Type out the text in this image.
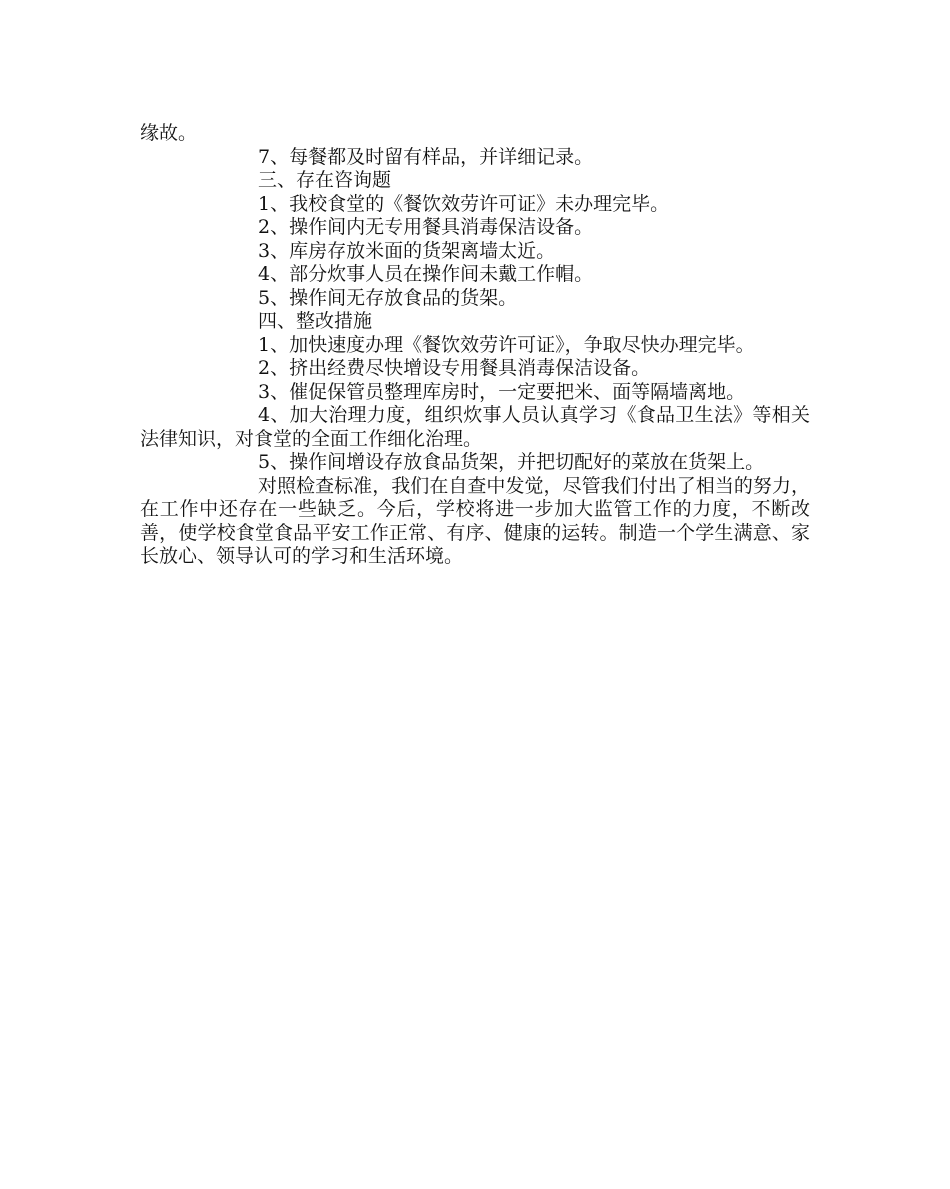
缘故。

7、每餐都及时留有样品，并详细记录。

三、存在咨询题

1、我校食堂的《餐饮效劳许可证》未办理完毕。

2、操作间内无专用餐具消毒保洁设备。

3、库房存放米面的货架离墙太近。

4、部分炊事人员在操作间未戴工作帽。

5、操作间无存放食品的货架。

四、整改措施

1、加快速度办理《餐饮效劳许可证》，争取尽快办理完毕。

2、挤出经费尽快增设专用餐具消毒保洁设备。

3、催促保管员整理库房时，一定要把米、面等隔墙离地。

4、加大治理力度，组织炊事人员认真学习《食品卫生法》等相关法律知识，对食堂的全面工作细化治理。

5、操作间增设存放食品货架，并把切配好的菜放在货架上。

对照检查标准，我们在自查中发觉，尽管我们付出了相当的努力，在工作中还存在一些缺乏。今后，学校将进一步加大监管工作的力度，不断改善，使学校食堂食品平安工作正常、有序、健康的运转。制造一个学生满意、家长放心、领导认可的学习和生活环境。
